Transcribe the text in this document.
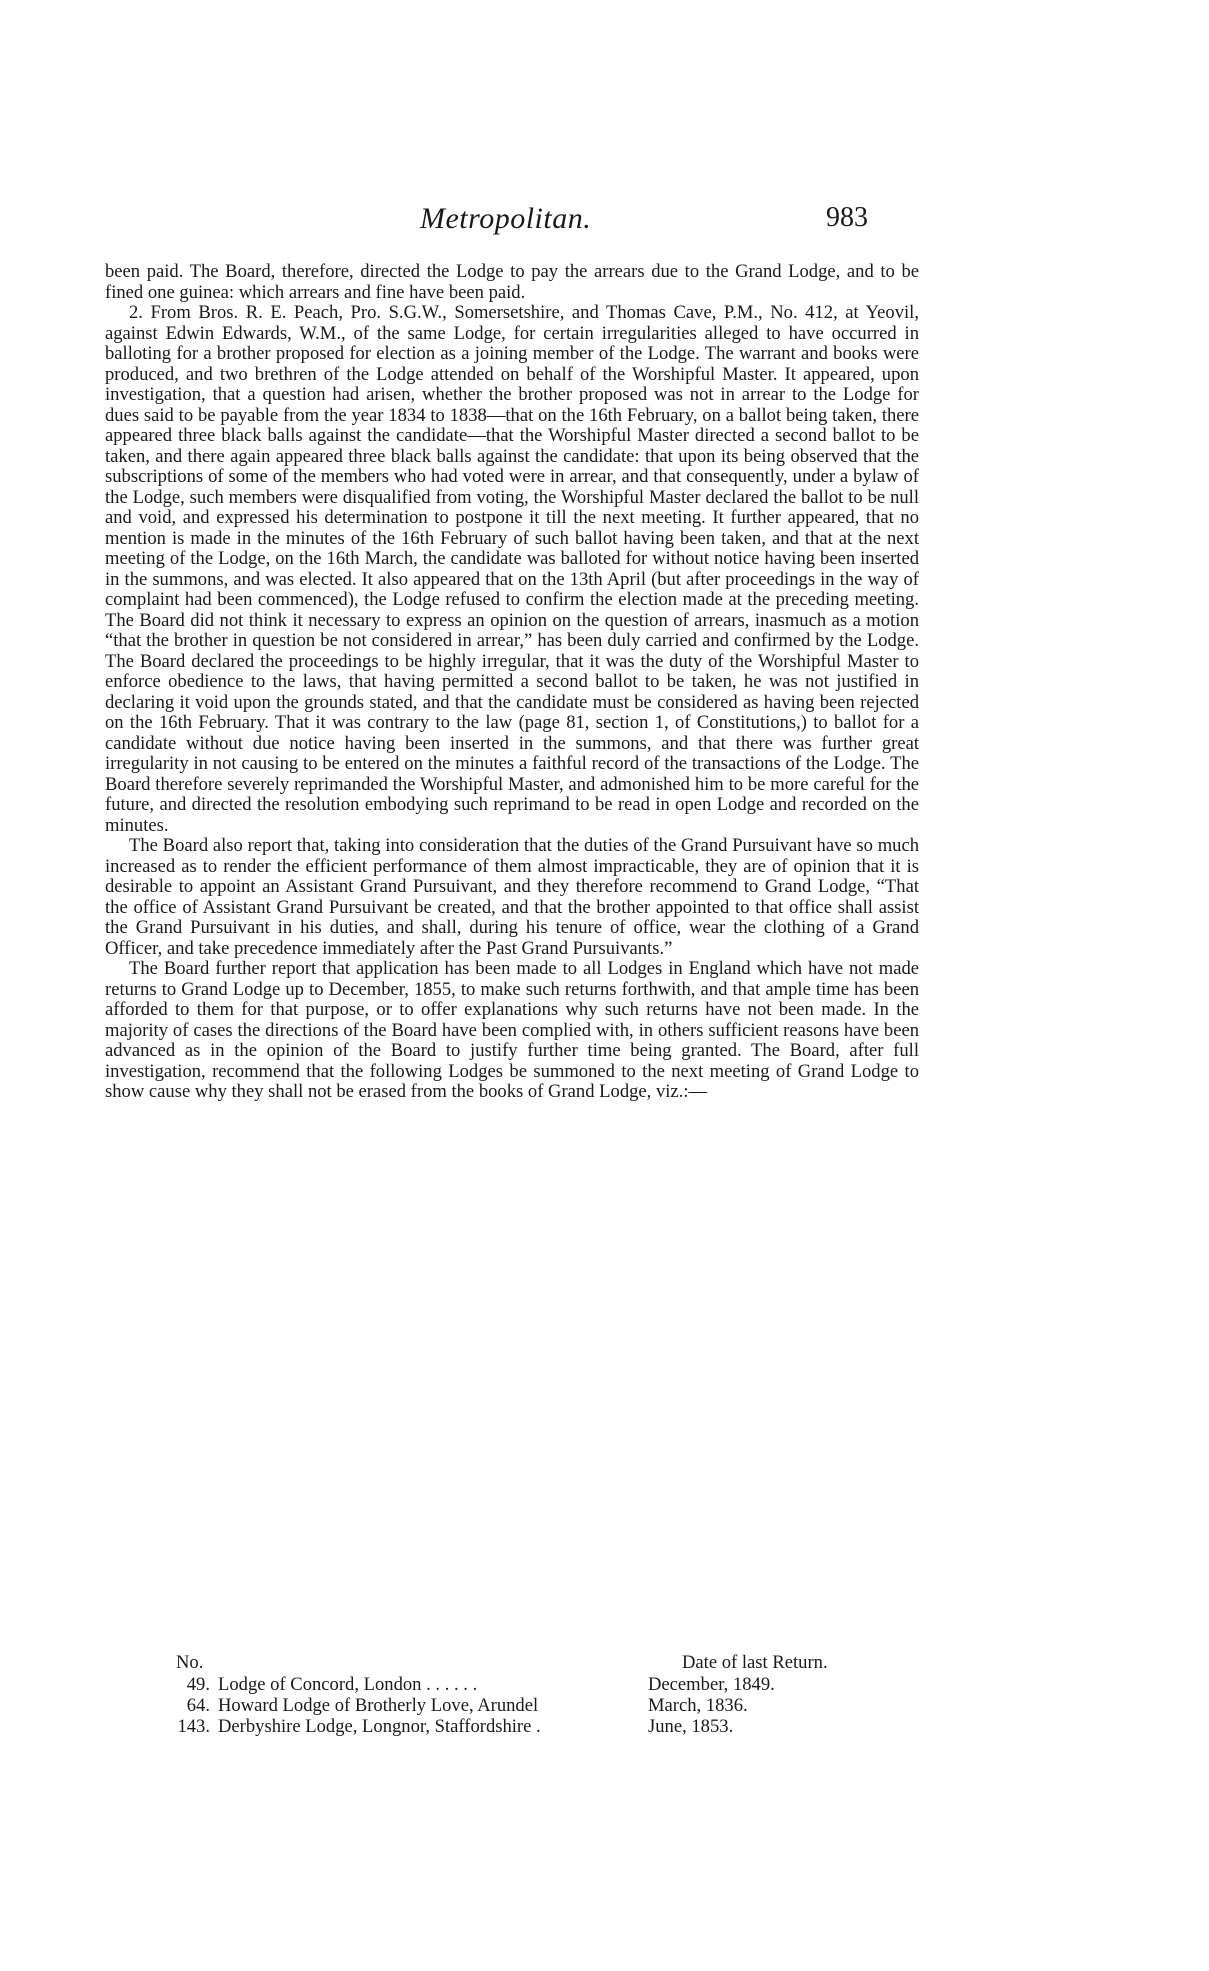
Metropolitan.	983

been paid. The Board, therefore, directed the Lodge to pay the arrears due to the Grand Lodge, and to be fined one guinea: which arrears and fine have been paid.

2. From Bros. R. E. Peach, Pro. S.G.W., Somersetshire, and Thomas Cave, P.M., No. 412, at Yeovil, against Edwin Edwards, W.M., of the same Lodge, for certain irregularities alleged to have occurred in balloting for a brother proposed for election as a joining member of the Lodge. The warrant and books were produced, and two brethren of the Lodge attended on behalf of the Worshipful Master. It appeared, upon investigation, that a question had arisen, whether the brother proposed was not in arrear to the Lodge for dues said to be payable from the year 1834 to 1838—that on the 16th February, on a ballot being taken, there appeared three black balls against the candidate—that the Worshipful Master directed a second ballot to be taken, and there again appeared three black balls against the candidate: that upon its being observed that the subscriptions of some of the members who had voted were in arrear, and that consequently, under a bylaw of the Lodge, such members were disqualified from voting, the Worshipful Master declared the ballot to be null and void, and expressed his determination to postpone it till the next meeting. It further appeared, that no mention is made in the minutes of the 16th February of such ballot having been taken, and that at the next meeting of the Lodge, on the 16th March, the candidate was balloted for without notice having been inserted in the summons, and was elected. It also appeared that on the 13th April (but after proceedings in the way of complaint had been commenced), the Lodge refused to confirm the election made at the preceding meeting. The Board did not think it necessary to express an opinion on the question of arrears, inasmuch as a motion “that the brother in question be not considered in arrear,” has been duly carried and confirmed by the Lodge. The Board declared the proceedings to be highly irregular, that it was the duty of the Worshipful Master to enforce obedience to the laws, that having permitted a second ballot to be taken, he was not justified in declaring it void upon the grounds stated, and that the candidate must be considered as having been rejected on the 16th February. That it was contrary to the law (page 81, section 1, of Constitutions,) to ballot for a candidate without due notice having been inserted in the summons, and that there was further great irregularity in not causing to be entered on the minutes a faithful record of the transactions of the Lodge. The Board therefore severely reprimanded the Worshipful Master, and admonished him to be more careful for the future, and directed the resolution embodying such reprimand to be read in open Lodge and recorded on the minutes.

The Board also report that, taking into consideration that the duties of the Grand Pursuivant have so much increased as to render the efficient performance of them almost impracticable, they are of opinion that it is desirable to appoint an Assistant Grand Pursuivant, and they therefore recommend to Grand Lodge, “That the office of Assistant Grand Pursuivant be created, and that the brother appointed to that office shall assist the Grand Pursuivant in his duties, and shall, during his tenure of office, wear the clothing of a Grand Officer, and take precedence immediately after the Past Grand Pursuivants.”

The Board further report that application has been made to all Lodges in England which have not made returns to Grand Lodge up to December, 1855, to make such returns forthwith, and that ample time has been afforded to them for that purpose, or to offer explanations why such returns have not been made. In the majority of cases the directions of the Board have been complied with, in others sufficient reasons have been advanced as in the opinion of the Board to justify further time being granted. The Board, after full investigation, recommend that the following Lodges be summoned to the next meeting of Grand Lodge to show cause why they shall not be erased from the books of Grand Lodge, viz.:—

No.	Date of last Return.
49. Lodge of Concord, London . . . . . .	December, 1849.
64. Howard Lodge of Brotherly Love, Arundel	March, 1836.
143. Derbyshire Lodge, Longnor, Staffordshire .	June, 1853.
